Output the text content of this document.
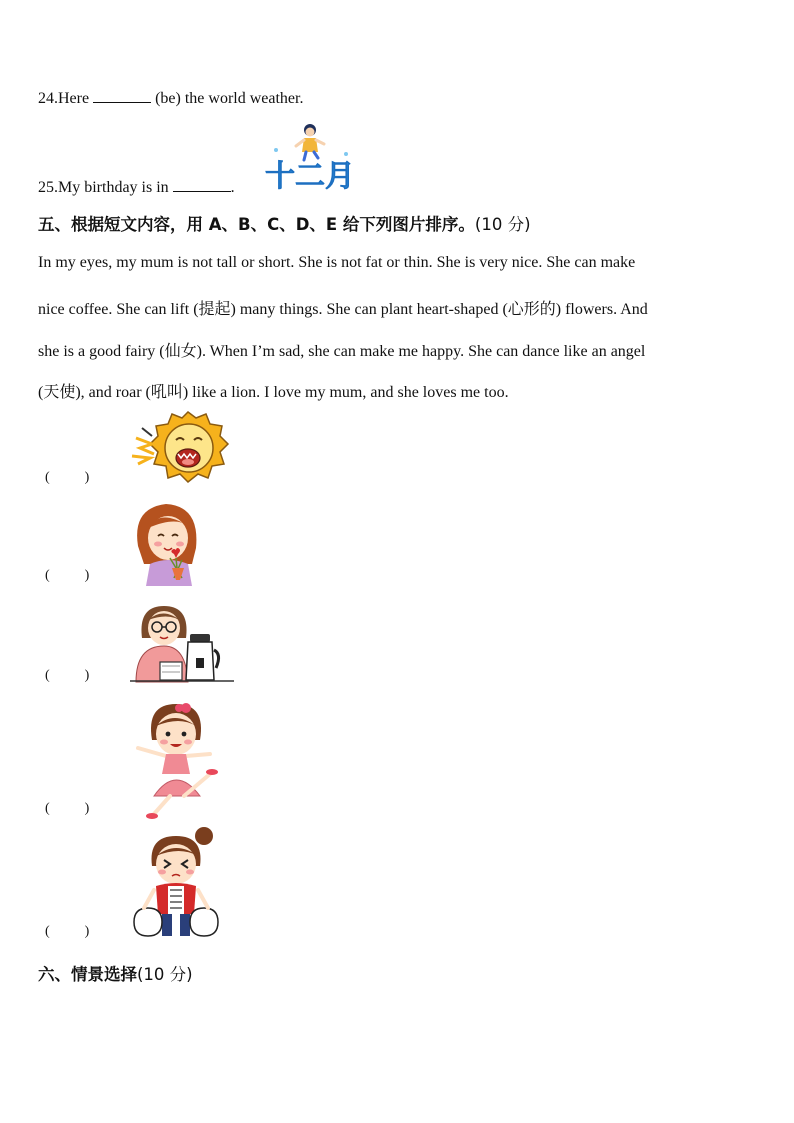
24.Here	(be) the world weather.
25.My birthday is in	. 十二月
五、根据短文内容，用 A、B、C、D、E 给下列图片排序。(10 分)
In my eyes, my mum is not tall or short. She is not fat or thin. She is very nice. She can make
nice coffee. She can lift (提起) many things. She can plant heart-shaped (心形的) flowers. And
she is a good fairy (仙女). When I’m sad, she can make me happy. She can dance like an angel
(天使), and roar (吼叫) like a lion. I love my mum, and she loves me too.
(          )
(          )
(          )
(          )
(          )
六、情景选择(10 分)
